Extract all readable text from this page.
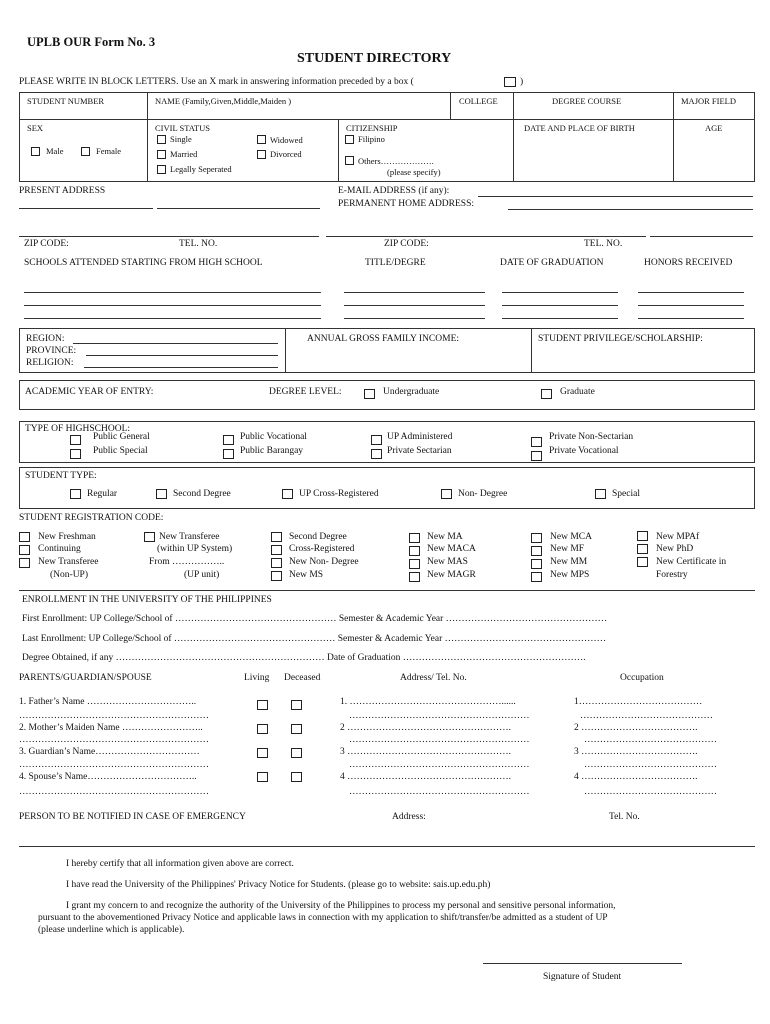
UPLB OUR Form No. 3
STUDENT DIRECTORY
PLEASE WRITE IN BLOCK LETTERS. Use an X mark in answering information preceded by a box (	)
STUDENT NUMBER	NAME (Family,Given,Middle,Maiden )	COLLEGE	DEGREE COURSE	MAJOR FIELD
SEX
Male	Female
CIVIL STATUS
Single	Widowed
Married	Divorced
Legally Seperated
CITIZENSHIP
Filipino
Others……………….
(please specify)
DATE AND PLACE OF BIRTH	AGE
PRESENT ADDRESS	E-MAIL ADDRESS (if any):
PERMANENT HOME ADDRESS:
ZIP CODE:	TEL. NO.	ZIP CODE:	TEL. NO.
SCHOOLS ATTENDED STARTING FROM HIGH SCHOOL	TITLE/DEGRE	DATE OF GRADUATION	HONORS RECEIVED
REGION:
PROVINCE:
RELIGION:
ANNUAL GROSS FAMILY INCOME:	STUDENT PRIVILEGE/SCHOLARSHIP:
ACADEMIC YEAR OF ENTRY:	DEGREE LEVEL:	Undergraduate	Graduate
TYPE OF HIGHSCHOOL:
Public General
Public Special
Public Vocational
Public Barangay
UP Administered
Private Sectarian
Private Non-Sectarian
Private Vocational
STUDENT TYPE:
Regular	Second Degree	UP Cross-Registered	Non- Degree	Special
STUDENT REGISTRATION CODE:
New Freshman
Continuing
New Transferee
(Non-UP)
New Transferee
(within UP System)
From ……………..
(UP unit)
Second Degree
Cross-Registered
New Non- Degree
New MS
New MA
New MACA
New MAS
New MAGR
New MCA
New MF
New MM
New MPS
New MPAf
New PhD
New Certificate in
Forestry
ENROLLMENT IN THE UNIVERSITY OF THE PHILIPPINES
First Enrollment: UP College/School of …………………………………………… Semester & Academic Year ……………………………………………
Last Enrollment: UP College/School of …………………………………………… Semester & Academic Year ……………………………………………
Degree Obtained, if any ………………………………………………………… Date of Graduation ………………………………………………….
PARENTS/GUARDIAN/SPOUSE	Living Deceased	Address/ Tel. No.	Occupation
1. Father’s Name ……………………………..
……………………………………………………
1. …………………………………………......
…………………………………………………
1…………………………………
……………………………………
2. Mother’s Maiden Name ……………………..
……………………………………………………
2 …………………………………………….
…………………………………………………
2 ……………………………….
……………………………………
3. Guardian’s Name……………………………
……………………………………………………
3 …………………………………………….
…………………………………………………
3 ……………………………….
……………………………………
4. Spouse’s Name……………………………..
……………………………………………………
4 …………………………………………….
…………………………………………………
4 ……………………………….
……………………………………
PERSON TO BE NOTIFIED IN CASE OF EMERGENCY	Address:	Tel. No.
I hereby certify that all information given above are correct.
I have read the University of the Philippines' Privacy Notice for Students. (please go to website: sais.up.edu.ph)
I grant my concern to and recognize the authority of the University of the Philippines to process my personal and sensitive personal information,
pursuant to the abovementioned Privacy Notice and applicable laws in connection with my application to shift/transfer/be admitted as a student of UP
(please underline which is applicable).
Signature of Student
